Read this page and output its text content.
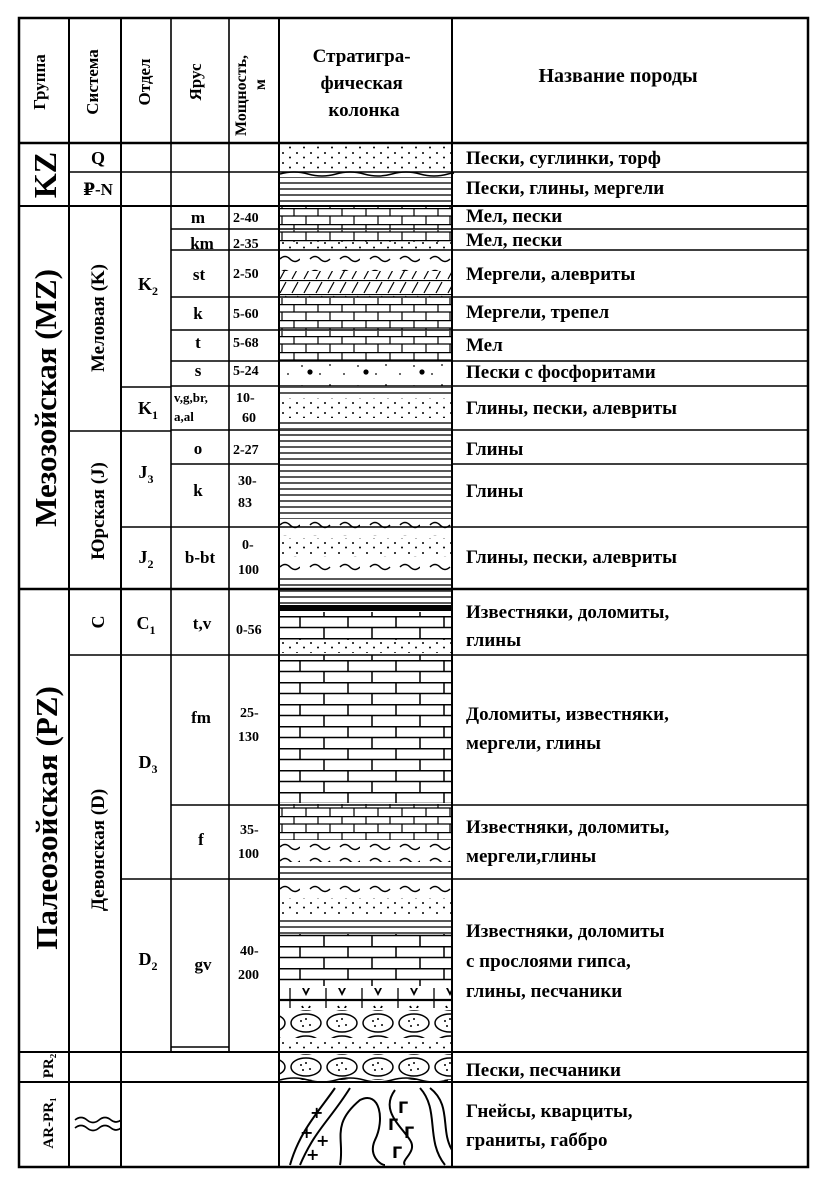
Группа Система Отдел Ярус Мощность, м
Стратигра- фическая колонка
Название породы
KZ
Мезозойская (MZ)
Палеозойская (PZ)
PR₂
AR-PR₁
Q
₽-N
Меловая (K)
Юрская (J)
C
Девонская (D)
$K_2$
$K_1$
$J_3$
$J_2$
$C_1$
$D_3$
$D_2$
m
km
st
k
t
s
v,g,br, a,al
o
k
b-bt
t,v
fm
f
gv
2-40
2-35
2-50
5-60
5-68
5-24
10- 60
2-27
30- 83
0- 100
0-56
25- 130
35- 100
40- 200
+
+ +
+
Г
Г Г
Г
Пески, суглинки, торф
Пески, глины, мергели
Мел, пески
Мел, пески
Мергели, алевриты
Мергели, трепел
Мел
Пески с фосфоритами
Глины, пески, алевриты
Глины
Глины
Глины, пески, алевриты
Известняки, доломиты, глины
Доломиты, известняки, мергели, глины
Известняки, доломиты, мергели,глины
Известняки, доломиты с прослоями гипса, глины, песчаники
Пески, песчаники
Гнейсы, кварциты, граниты, габбро
